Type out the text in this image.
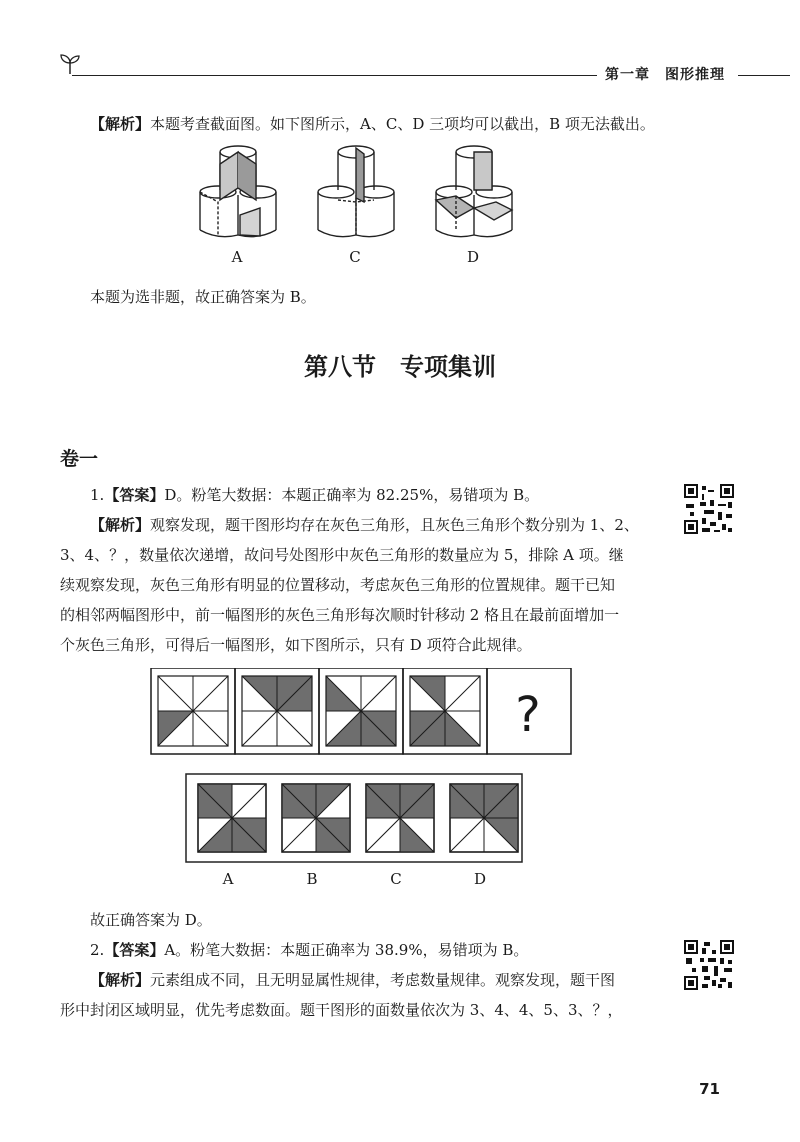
第一章　 图形推理
【解析】本题考查截面图。如下图所示，A、C、D 三项均可以截出，B 项无法截出。
A	C	D
本题为选非题，故正确答案为 B。
第八节　专项集训
卷一
1.【答案】D。粉笔大数据：本题正确率为 82.25%，易错项为 B。
【解析】观察发现，题干图形均存在灰色三角形，且灰色三角形个数分别为 1、2、
3、4、？，数量依次递增，故问号处图形中灰色三角形的数量应为 5，排除 A 项。继
续观察发现，灰色三角形有明显的位置移动，考虑灰色三角形的位置规律。题干已知
的相邻两幅图形中，前一幅图形的灰色三角形每次顺时针移动 2 格且在最前面增加一
个灰色三角形，可得后一幅图形，如下图所示，只有 D 项符合此规律。
?
A	B	C	D
故正确答案为 D。
2.【答案】A。粉笔大数据：本题正确率为 38.9%，易错项为 B。
【解析】元素组成不同，且无明显属性规律，考虑数量规律。观察发现，题干图
形中封闭区域明显，优先考虑数面。题干图形的面数量依次为 3、4、4、5、3、？，
71
